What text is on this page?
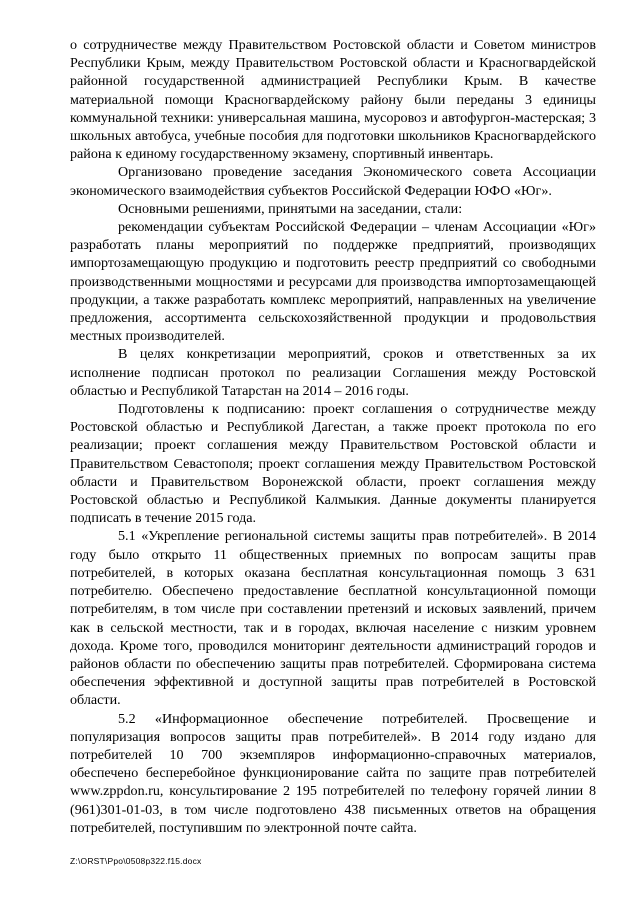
о сотрудничестве между Правительством Ростовской области и Советом министров Республики Крым, между Правительством Ростовской области и Красногвардейской районной государственной администрацией Республики Крым. В качестве материальной помощи Красногвардейскому району были переданы 3 единицы коммунальной техники: универсальная машина, мусоровоз и автофургон-мастерская; 3 школьных автобуса, учебные пособия для подготовки школьников Красногвардейского района к единому государственному экзамену, спортивный инвентарь.

Организовано проведение заседания Экономического совета Ассоциации экономического взаимодействия субъектов Российской Федерации ЮФО «Юг».

Основными решениями, принятыми на заседании, стали:

рекомендации субъектам Российской Федерации – членам Ассоциации «Юг» разработать планы мероприятий по поддержке предприятий, производящих импортозамещающую продукцию и подготовить реестр предприятий со свободными производственными мощностями и ресурсами для производства импортозамещающей продукции, а также разработать комплекс мероприятий, направленных на увеличение предложения, ассортимента сельскохозяйственной продукции и продовольствия местных производителей.

В целях конкретизации мероприятий, сроков и ответственных за их исполнение подписан протокол по реализации Соглашения между Ростовской областью и Республикой Татарстан на 2014 – 2016 годы.

Подготовлены к подписанию: проект соглашения о сотрудничестве между Ростовской областью и Республикой Дагестан, а также проект протокола по его реализации; проект соглашения между Правительством Ростовской области и Правительством Севастополя; проект соглашения между Правительством Ростовской области и Правительством Воронежской области, проект соглашения между Ростовской областью и Республикой Калмыкия. Данные документы планируется подписать в течение 2015 года.

5.1 «Укрепление региональной системы защиты прав потребителей». В 2014 году было открыто 11 общественных приемных по вопросам защиты прав потребителей, в которых оказана бесплатная консультационная помощь 3 631 потребителю. Обеспечено предоставление бесплатной консультационной помощи потребителям, в том числе при составлении претензий и исковых заявлений, причем как в сельской местности, так и в городах, включая население с низким уровнем дохода. Кроме того, проводился мониторинг деятельности администраций городов и районов области по обеспечению защиты прав потребителей. Сформирована система обеспечения эффективной и доступной защиты прав потребителей в Ростовской области.

5.2 «Информационное обеспечение потребителей. Просвещение и популяризация вопросов защиты прав потребителей». В 2014 году издано для потребителей 10 700 экземпляров информационно-справочных материалов, обеспечено бесперебойное функционирование сайта по защите прав потребителей www.zppdon.ru, консультирование 2 195 потребителей по телефону горячей линии 8 (961)301-01-03, в том числе подготовлено 438 письменных ответов на обращения потребителей, поступившим по электронной почте сайта.

Z:\ORST\Ppo\0508p322.f15.docx
